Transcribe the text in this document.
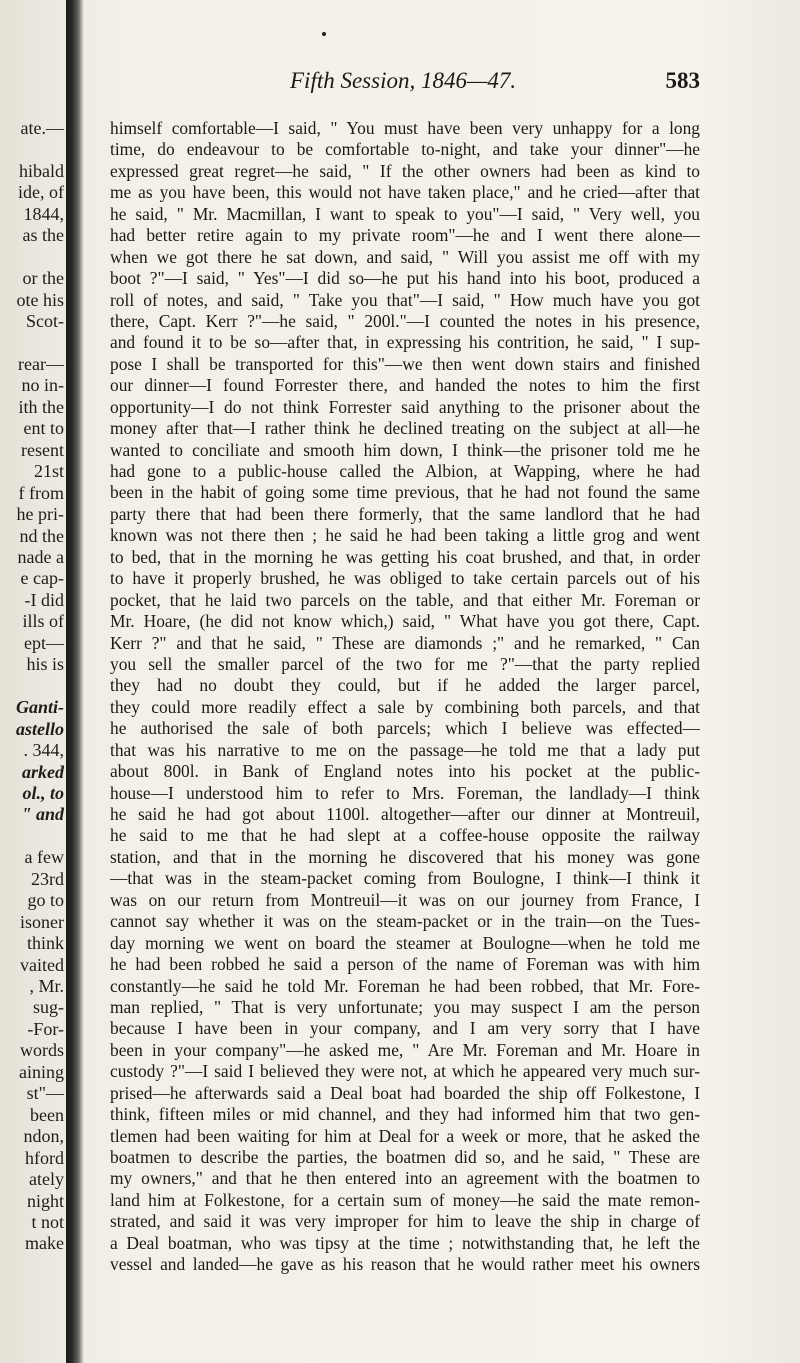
ate.—
hibald
ide, of
1844,
as the
or the
ote his
Scot-
rear—
no in-
ith the
ent to
resent
21st
f from
he pri-
nd the
nade a
e cap-
-I did
ills of
ept—
his is
Ganti-
astello
. 344,
arked
ol., to
" and
a few
23rd
go to
isoner
think
vaited
, Mr.
sug-
-For-
words
aining
st"—
been
ndon,
hford
ately
night
t not
make
Fifth Session, 1846—47.	583
himself comfortable—I said, " You must have been very unhappy for a long
time, do endeavour to be comfortable to-night, and take your dinner"—he
expressed great regret—he said, " If the other owners had been as kind to
me as you have been, this would not have taken place," and he cried—after that
he said, " Mr. Macmillan, I want to speak to you"—I said, " Very well, you
had better retire again to my private room"—he and I went there alone—
when we got there he sat down, and said, " Will you assist me off with my
boot ?"—I said, " Yes"—I did so—he put his hand into his boot, produced a
roll of notes, and said, " Take you that"—I said, " How much have you got
there, Capt. Kerr ?"—he said, " 200l."—I counted the notes in his presence,
and found it to be so—after that, in expressing his contrition, he said, " I sup-
pose I shall be transported for this"—we then went down stairs and finished
our dinner—I found Forrester there, and handed the notes to him the first
opportunity—I do not think Forrester said anything to the prisoner about the
money after that—I rather think he declined treating on the subject at all—he
wanted to conciliate and smooth him down, I think—the prisoner told me he
had gone to a public-house called the Albion, at Wapping, where he had
been in the habit of going some time previous, that he had not found the same
party there that had been there formerly, that the same landlord that he had
known was not there then ; he said he had been taking a little grog and went
to bed, that in the morning he was getting his coat brushed, and that, in order
to have it properly brushed, he was obliged to take certain parcels out of his
pocket, that he laid two parcels on the table, and that either Mr. Foreman or
Mr. Hoare, (he did not know which,) said, " What have you got there, Capt.
Kerr ?" and that he said, " These are diamonds ;" and he remarked, " Can
you sell the smaller parcel of the two for me ?"—that the party replied
they had no doubt they could, but if he added the larger parcel,
they could more readily effect a sale by combining both parcels, and that
he authorised the sale of both parcels; which I believe was effected—
that was his narrative to me on the passage—he told me that a lady put
about 800l. in Bank of England notes into his pocket at the public-
house—I understood him to refer to Mrs. Foreman, the landlady—I think
he said he had got about 1100l. altogether—after our dinner at Montreuil,
he said to me that he had slept at a coffee-house opposite the railway
station, and that in the morning he discovered that his money was gone
—that was in the steam-packet coming from Boulogne, I think—I think it
was on our return from Montreuil—it was on our journey from France, I
cannot say whether it was on the steam-packet or in the train—on the Tues-
day morning we went on board the steamer at Boulogne—when he told me
he had been robbed he said a person of the name of Foreman was with him
constantly—he said he told Mr. Foreman he had been robbed, that Mr. Fore-
man replied, " That is very unfortunate; you may suspect I am the person
because I have been in your company, and I am very sorry that I have
been in your company"—he asked me, " Are Mr. Foreman and Mr. Hoare in
custody ?"—I said I believed they were not, at which he appeared very much sur-
prised—he afterwards said a Deal boat had boarded the ship off Folkestone, I
think, fifteen miles or mid channel, and they had informed him that two gen-
tlemen had been waiting for him at Deal for a week or more, that he asked the
boatmen to describe the parties, the boatmen did so, and he said, " These are
my owners," and that he then entered into an agreement with the boatmen to
land him at Folkestone, for a certain sum of money—he said the mate remon-
strated, and said it was very improper for him to leave the ship in charge of
a Deal boatman, who was tipsy at the time ; notwithstanding that, he left the
vessel and landed—he gave as his reason that he would rather meet his owners
